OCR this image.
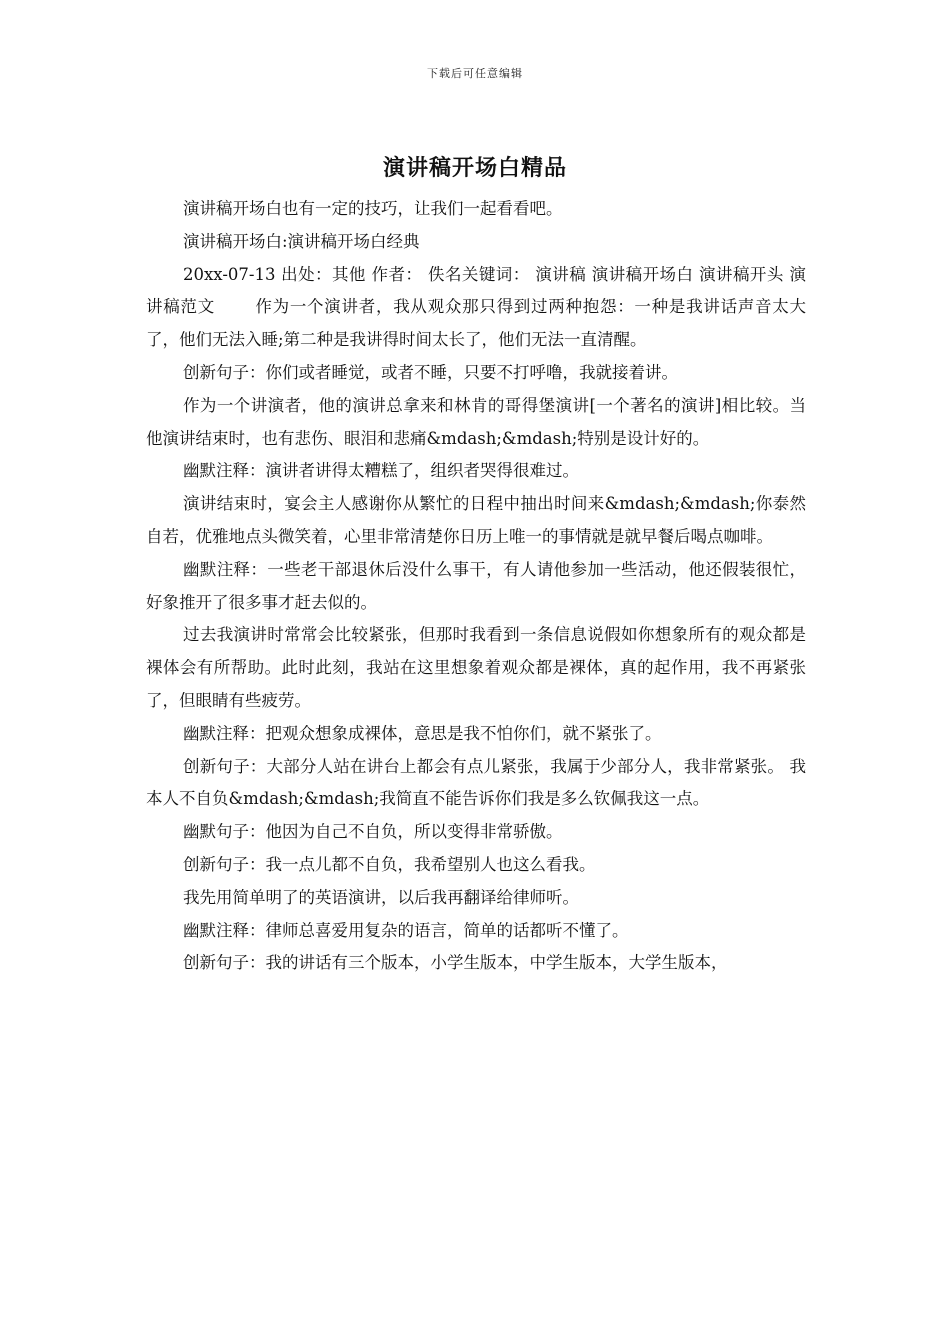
下载后可任意编辑
演讲稿开场白精品

演讲稿开场白也有一定的技巧，让我们一起看看吧。

演讲稿开场白:演讲稿开场白经典

20xx-07-13 出处：其他 作者： 佚名关键词： 演讲稿 演讲稿开场白 演讲稿开头 演讲稿范文 　　作为一个演讲者，我从观众那只得到过两种抱怨：一种是我讲话声音太大了，他们无法入睡;第二种是我讲得时间太长了，他们无法一直清醒。

创新句子：你们或者睡觉，或者不睡，只要不打呼噜，我就接着讲。

作为一个讲演者，他的演讲总拿来和林肯的哥得堡演讲[一个著名的演讲]相比较。当他演讲结束时，也有悲伤、眼泪和悲痛&mdash;&mdash;特别是设计好的。

幽默注释：演讲者讲得太糟糕了，组织者哭得很难过。

演讲结束时，宴会主人感谢你从繁忙的日程中抽出时间来&mdash;&mdash;你泰然自若，优雅地点头微笑着，心里非常清楚你日历上唯一的事情就是就早餐后喝点咖啡。

幽默注释：一些老干部退休后没什么事干，有人请他参加一些活动，他还假装很忙，好象推开了很多事才赶去似的。

过去我演讲时常常会比较紧张，但那时我看到一条信息说假如你想象所有的观众都是裸体会有所帮助。此时此刻，我站在这里想象着观众都是裸体，真的起作用，我不再紧张了，但眼睛有些疲劳。

幽默注释：把观众想象成裸体，意思是我不怕你们，就不紧张了。

创新句子：大部分人站在讲台上都会有点儿紧张，我属于少部分人，我非常紧张。 我本人不自负&mdash;&mdash;我简直不能告诉你们我是多么钦佩我这一点。

幽默句子：他因为自己不自负，所以变得非常骄傲。

创新句子：我一点儿都不自负，我希望别人也这么看我。

我先用简单明了的英语演讲，以后我再翻译给律师听。

幽默注释：律师总喜爱用复杂的语言，简单的话都听不懂了。

创新句子：我的讲话有三个版本，小学生版本，中学生版本，大学生版本，
